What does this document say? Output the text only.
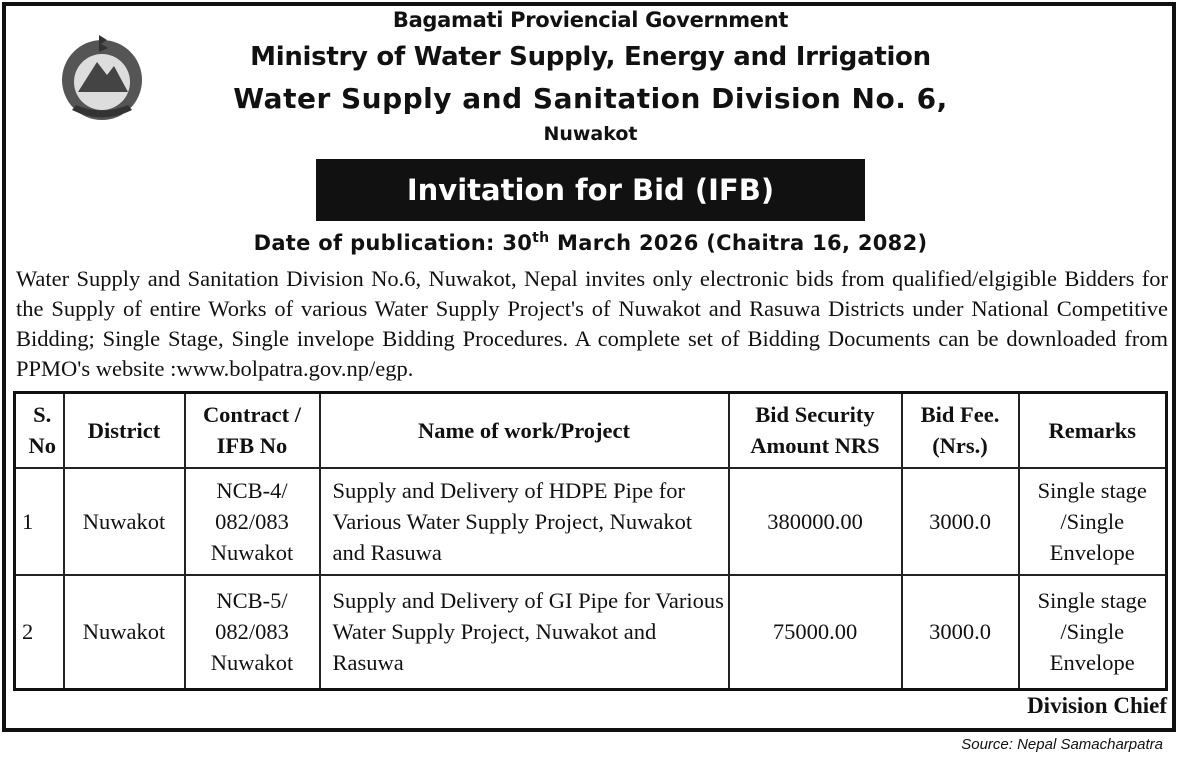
Bagamati Proviencial Government
Ministry of Water Supply, Energy and Irrigation
Water Supply and Sanitation Division No. 6,
Nuwakot
Invitation for Bid (IFB)
Date of publication: 30th March 2026 (Chaitra 16, 2082)
Water Supply and Sanitation Division No.6, Nuwakot, Nepal invites only electronic bids from qualified/elgigible Bidders for the Supply of entire Works of various Water Supply Project's of Nuwakot and Rasuwa Districts under National Competitive Bidding; Single Stage, Single invelope Bidding Procedures. A complete set of Bidding Documents can be downloaded from PPMO's website :www.bolpatra.gov.np/egp.
S. No	District	Contract / IFB No	Name of work/Project	Bid Security Amount NRS	Bid Fee. (Nrs.)	Remarks
1	Nuwakot	NCB-4/ 082/083 Nuwakot	Supply and Delivery of HDPE Pipe for Various Water Supply Project, Nuwakot and Rasuwa	380000.00	3000.0	Single stage /Single Envelope
2	Nuwakot	NCB-5/ 082/083 Nuwakot	Supply and Delivery of GI Pipe for Various Water Supply Project, Nuwakot and Rasuwa	75000.00	3000.0	Single stage /Single Envelope
Division Chief
Source: Nepal Samacharpatra
